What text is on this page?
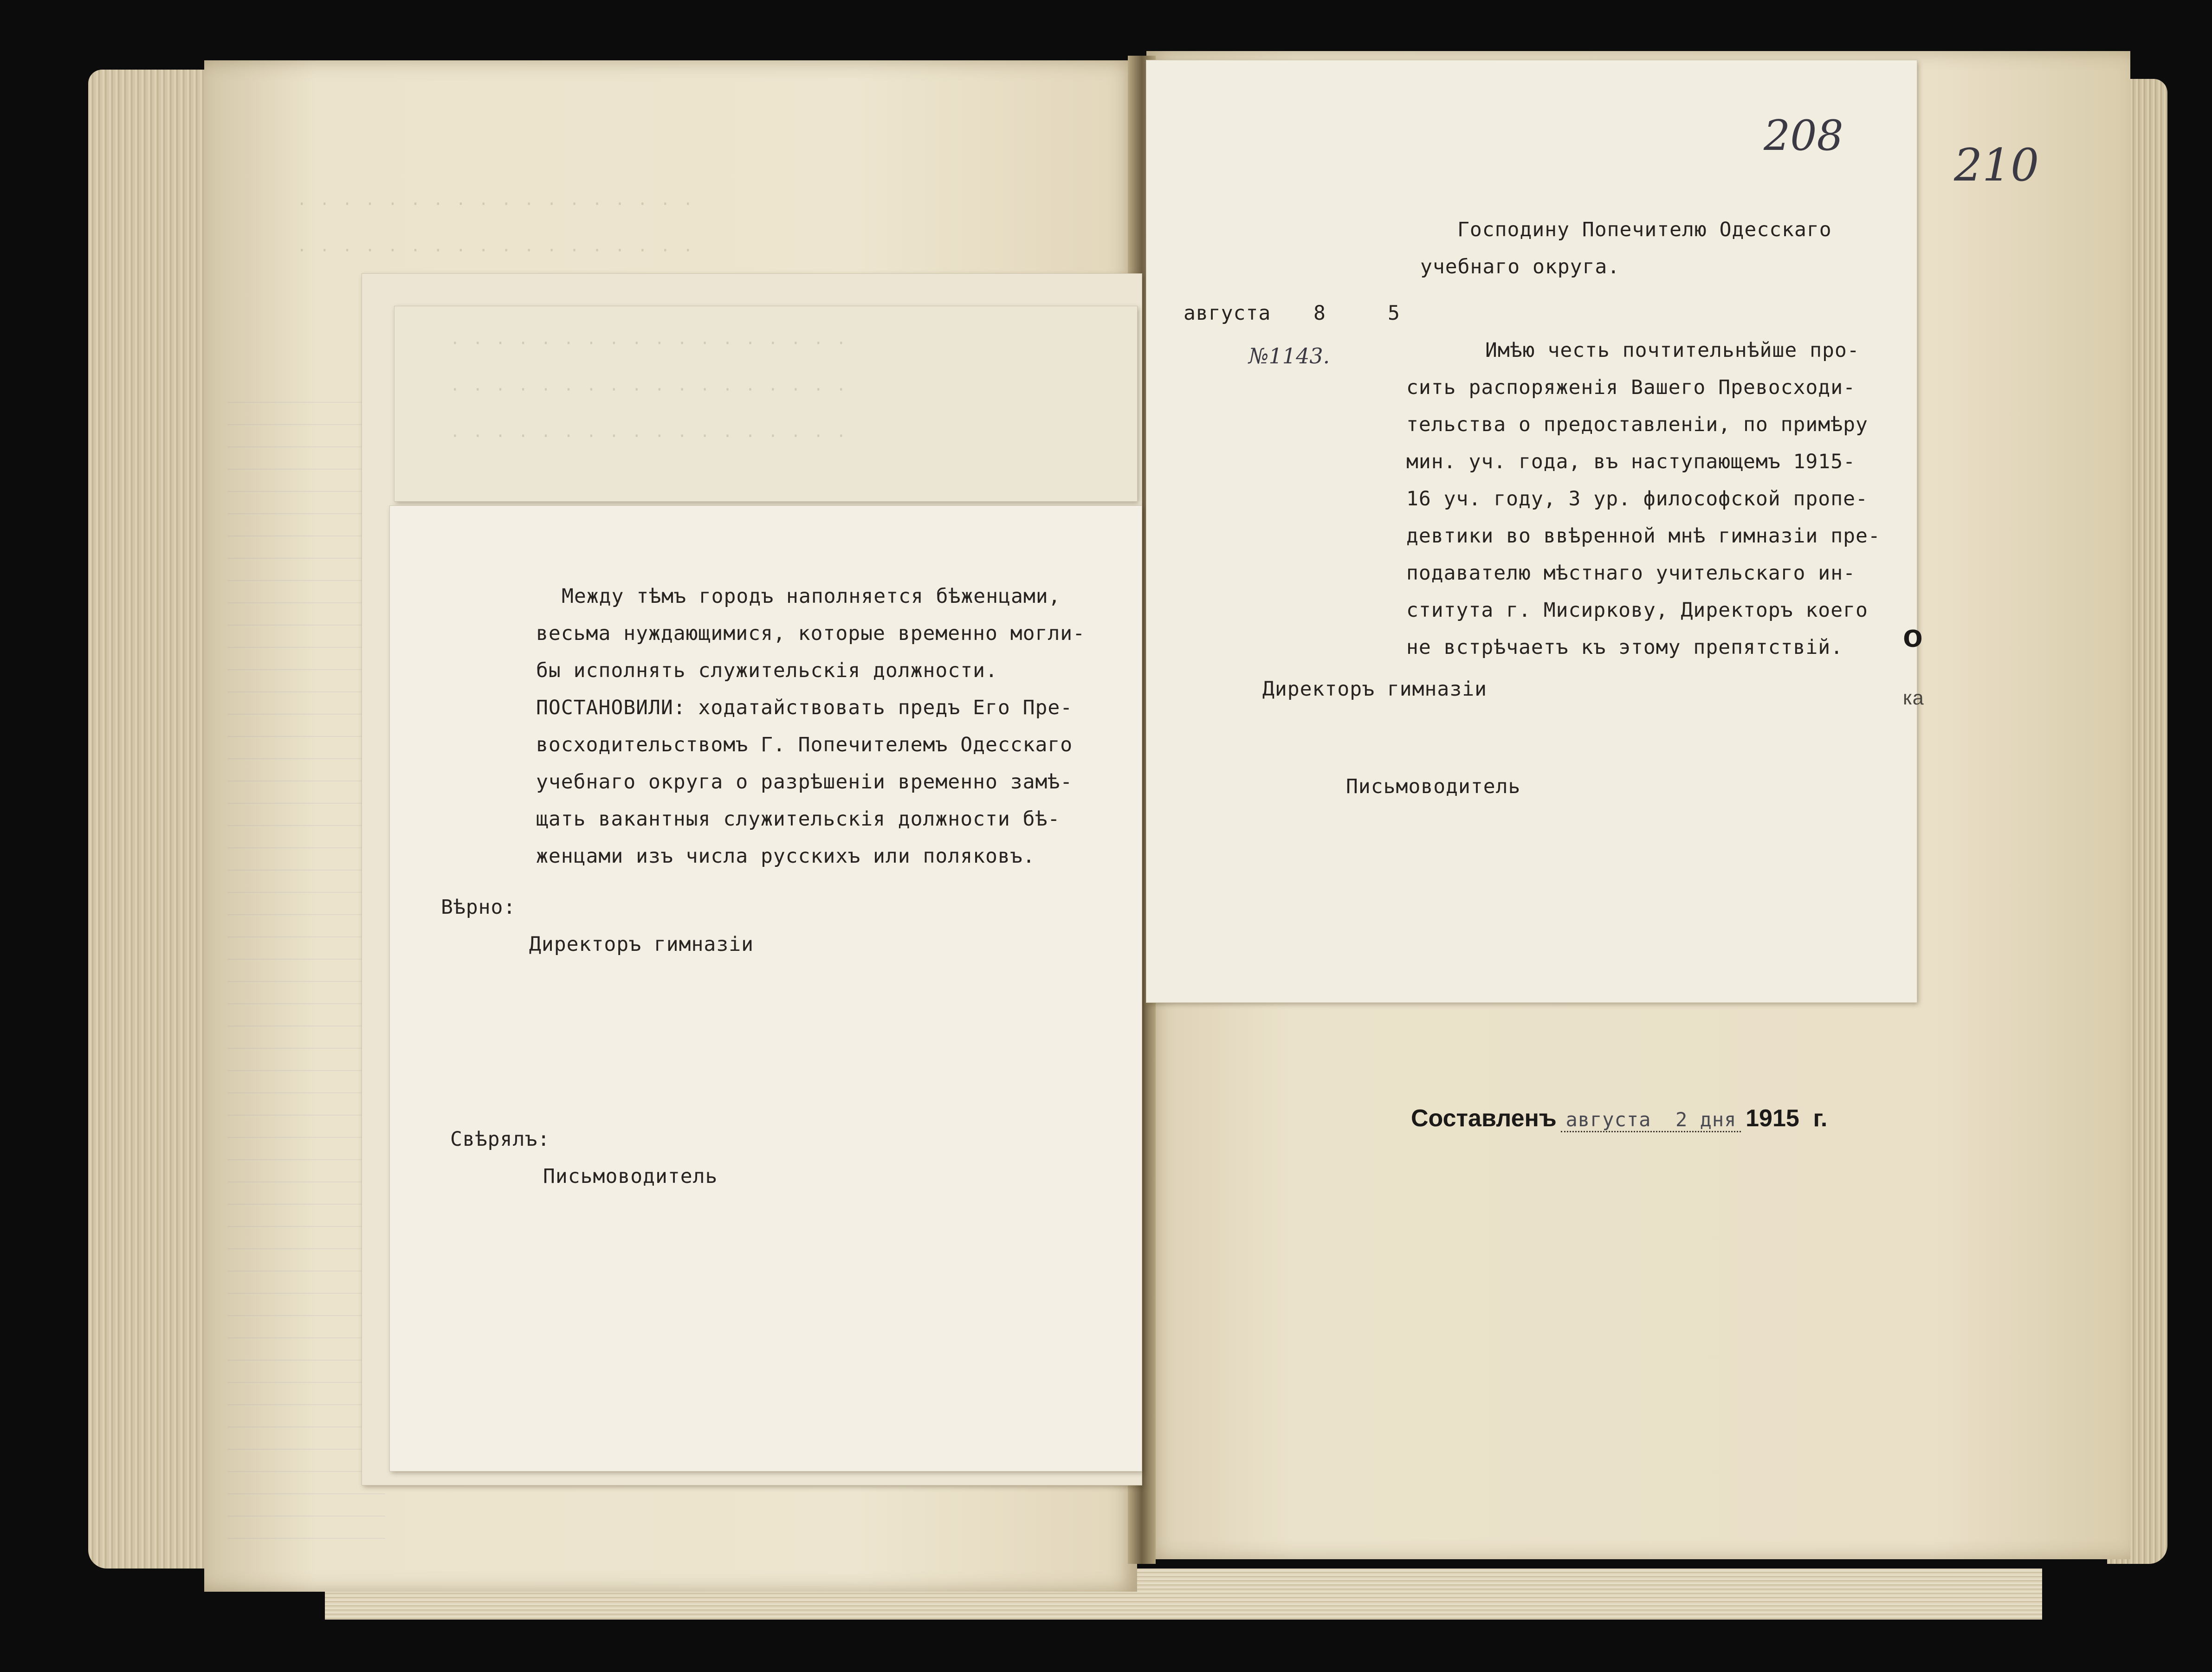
· · · · · · · · · · · · · · · · · ·
· · · · · · · · · · · · · · · · · ·
· · · · · · · · · · · · · · · · · ·
· · · · · · · · · · · · · · · · · ·
· · · · · · · · · · · · · · · · · ·
Между тѣмъ городъ наполняется бѣженцами,
весьма нуждающимися, которые временно могли-
бы исполнять служительскія должности.
ПОСТАНОВИЛИ: ходатайствовать предъ Его Пре-
восходительствомъ Г. Попечителемъ Одесскаго
учебнаго округа о разрѣшеніи временно замѣ-
щать вакантныя служительскія должности бѣ-
женцами изъ числа русскихъ или поляковъ.
Вѣрно:
Директоръ гимназіи
Свѣрялъ:
Письмоводитель
208
Господину Попечителю Одесскаго
учебнаго округа.
августа 8	5
№1143.	Имѣю честь почтительнѣйше про-
сить распоряженія Вашего Превосходи-
тельства о предоставленіи, по примѣру
мин. уч. года, въ наступающемъ 1915-
16 уч. году, 3 ур. философской пропе-
девтики во ввѣренной мнѣ гимназіи пре-
подавателю мѣстнаго учительскаго ин-
ститута г. Мисиркову, Директоръ коего
не встрѣчаетъ къ этому препятствій.
Директоръ гимназіи
Письмоводитель
210
о
ка
Составленъ августа  2 дня 1915 г.
